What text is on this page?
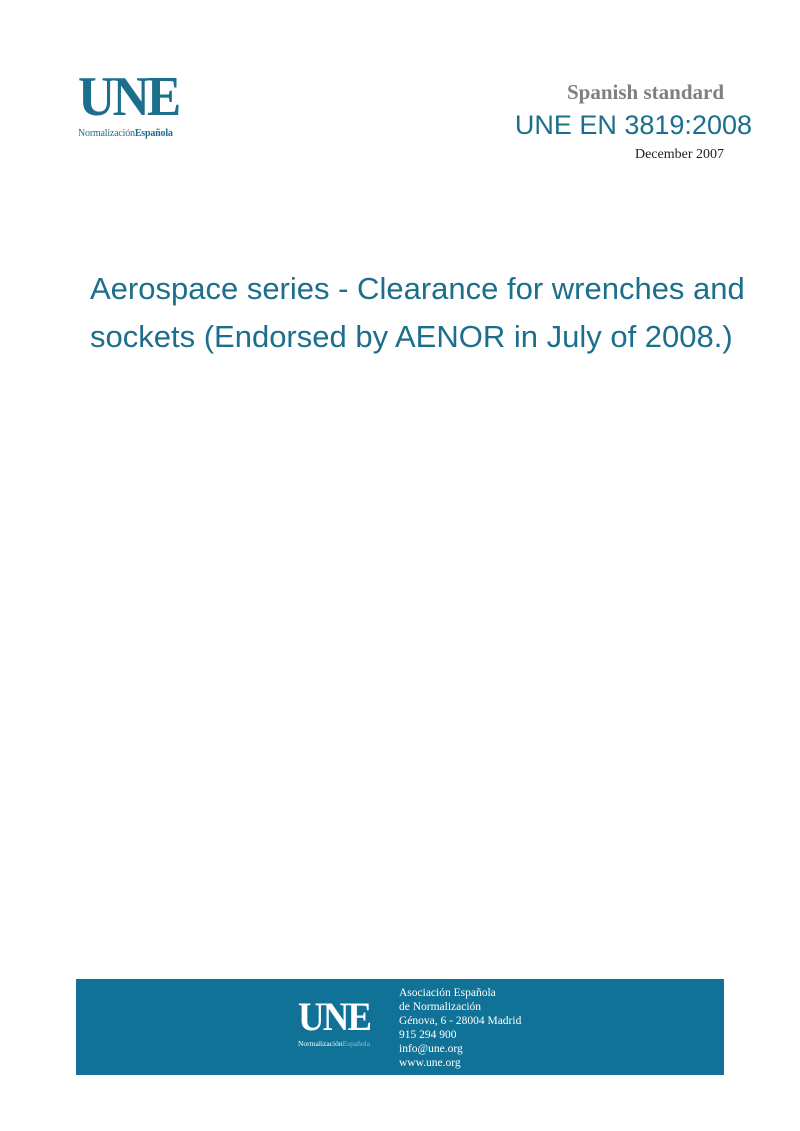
UNE
NormalizaciónEspañola
Spanish standard
UNE EN 3819:2008
December 2007
Aerospace series - Clearance for wrenches and
sockets (Endorsed by AENOR in July of 2008.)
UNE
NormalizaciónEspañola
Asociación Española
de Normalización
Génova, 6 - 28004 Madrid
915 294 900
info@une.org
www.une.org
